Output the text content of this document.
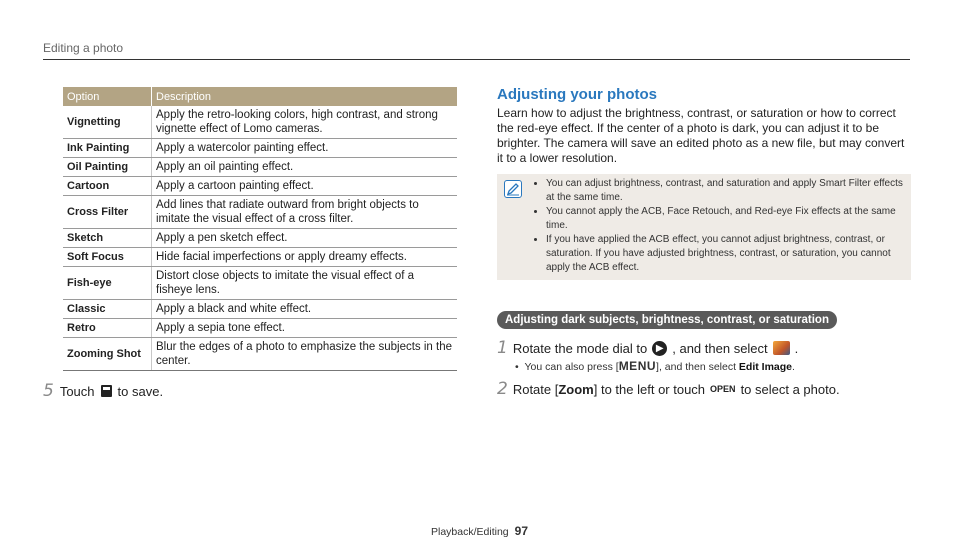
Editing a photo
Option	Description
Vignetting	Apply the retro-looking colors, high contrast, and strong vignette effect of Lomo cameras.
Ink Painting	Apply a watercolor painting effect.
Oil Painting	Apply an oil painting effect.
Cartoon	Apply a cartoon painting effect.
Cross Filter	Add lines that radiate outward from bright objects to imitate the visual effect of a cross filter.
Sketch	Apply a pen sketch effect.
Soft Focus	Hide facial imperfections or apply dreamy effects.
Fish-eye	Distort close objects to imitate the visual effect of a fisheye lens.
Classic	Apply a black and white effect.
Retro	Apply a sepia tone effect.
Zooming Shot	Blur the edges of a photo to emphasize the subjects in the center.
5 Touch to save.
Adjusting your photos
Learn how to adjust the brightness, contrast, or saturation or how to correct the red-eye effect. If the center of a photo is dark, you can adjust it to be brighter. The camera will save an edited photo as a new file, but may convert it to a lower resolution.
• You can adjust brightness, contrast, and saturation and apply Smart Filter effects at the same time.
• You cannot apply the ACB, Face Retouch, and Red-eye Fix effects at the same time.
• If you have applied the ACB effect, you cannot adjust brightness, contrast, or saturation. If you have adjusted brightness, contrast, or saturation, you cannot apply the ACB effect.
Adjusting dark subjects, brightness, contrast, or saturation
1 Rotate the mode dial to ▶ , and then select .
•  You can also press [MENU], and then select Edit Image.
2 Rotate [Zoom] to the left or touch OPEN to select a photo.
Playback/Editing 97
